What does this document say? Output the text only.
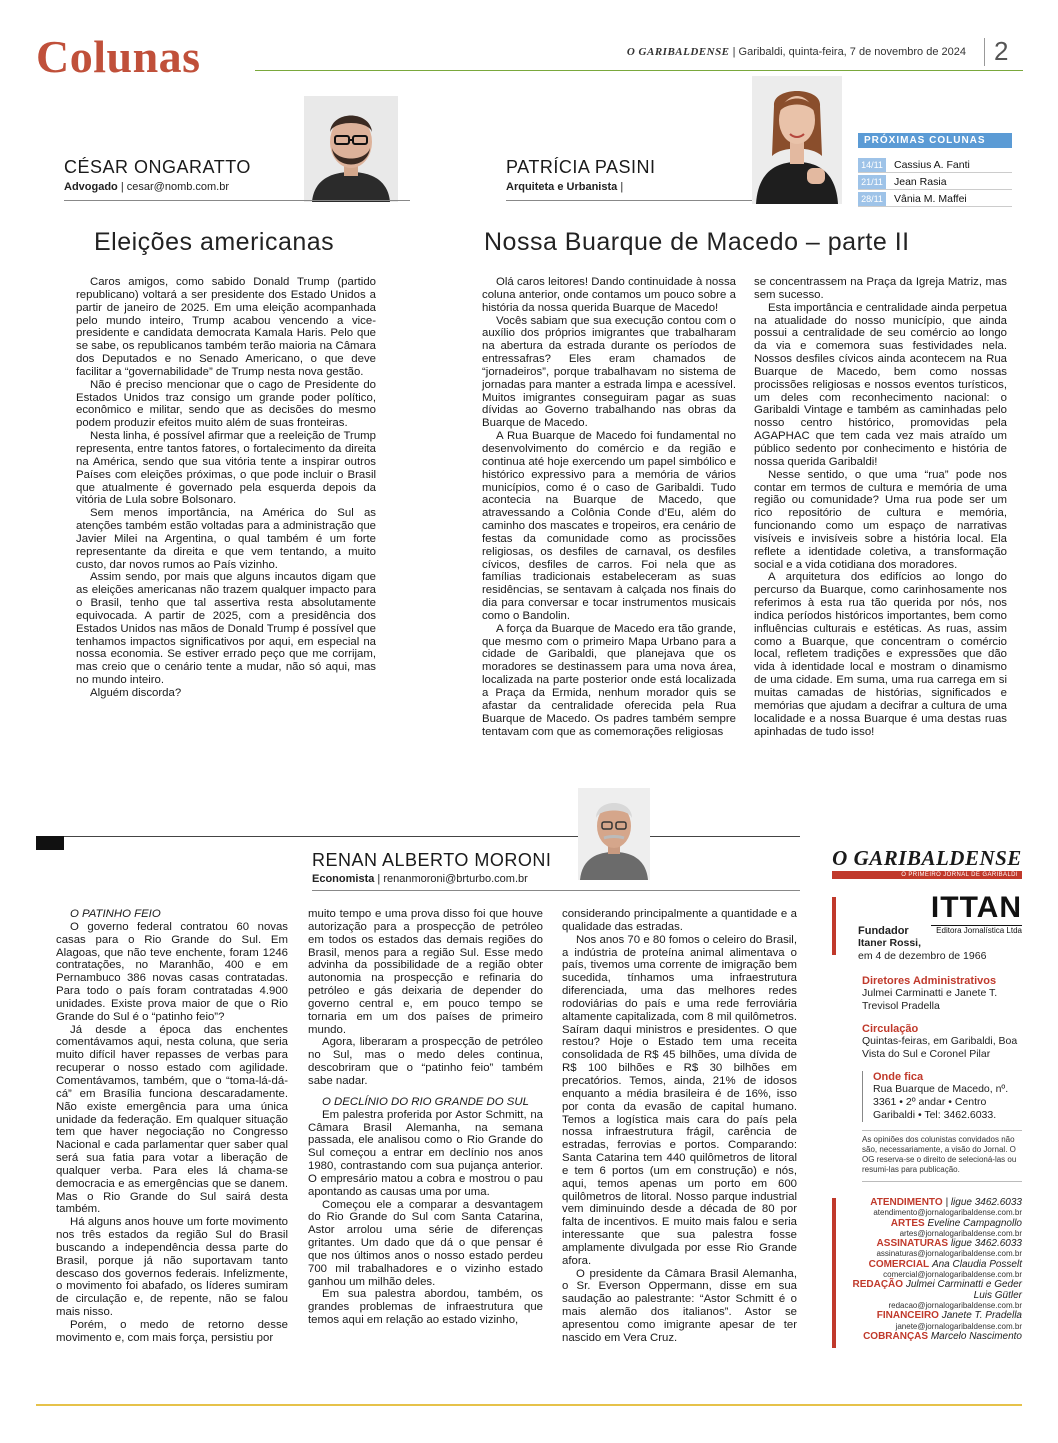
Colunas	O GARIBALDENSE | Garibaldi, quinta-feira, 7 de novembro de 2024 2
CÉSAR ONGARATTO
Advogado | cesar@nomb.com.br
PATRÍCIA PASINI
Arquiteta e Urbanista |
PRÓXIMAS COLUNAS
14/11 Cassius A. Fanti
21/11 Jean Rasia
28/11 Vânia M. Maffei
Eleições americanas	Nossa Buarque de Macedo – parte II

Caros amigos, como sabido Donald Trump (partido republicano) voltará a ser presidente dos Estado Unidos a partir de janeiro de 2025. Em uma eleição acompanhada pelo mundo inteiro, Trump acabou vencendo a vice-presidente e candidata democrata Kamala Haris. Pelo que se sabe, os republicanos também terão maioria na Câmara dos Deputados e no Senado Americano, o que deve facilitar a “governabilidade” de Trump nesta nova gestão.

Não é preciso mencionar que o cago de Presidente do Estados Unidos traz consigo um grande poder político, econômico e militar, sendo que as decisões do mesmo podem produzir efeitos muito além de suas fronteiras.

Nesta linha, é possível afirmar que a reeleição de Trump representa, entre tantos fatores, o fortalecimento da direita na América, sendo que sua vitória tente a inspirar outros Países com eleições próximas, o que pode incluir o Brasil que atualmente é governado pela esquerda depois da vitória de Lula sobre Bolsonaro.

Sem menos importância, na América do Sul as atenções também estão voltadas para a administração que Javier Milei na Argentina, o qual também é um forte representante da direita e que vem tentando, a muito custo, dar novos rumos ao País vizinho.

Assim sendo, por mais que alguns incautos digam que as eleições americanas não trazem qualquer impacto para o Brasil, tenho que tal assertiva resta absolutamente equivocada. A partir de 2025, com a presidência dos Estados Unidos nas mãos de Donald Trump é possível que tenhamos impactos significativos por aqui, em especial na nossa economia. Se estiver errado peço que me corrijam, mas creio que o cenário tente a mudar, não só aqui, mas no mundo inteiro.

Alguém discorda?

Olá caros leitores! Dando continuidade à nossa coluna anterior, onde contamos um pouco sobre a história da nossa querida Buarque de Macedo!

Vocês sabiam que sua execução contou com o auxílio dos próprios imigrantes que trabalharam na abertura da estrada durante os períodos de entressafras? Eles eram chamados de “jornadeiros”, porque trabalhavam no sistema de jornadas para manter a estrada limpa e acessível. Muitos imigrantes conseguiram pagar as suas dívidas ao Governo trabalhando nas obras da Buarque de Macedo.

A Rua Buarque de Macedo foi fundamental no desenvolvimento do comércio e da região e continua até hoje exercendo um papel simbólico e histórico expressivo para a memória de vários municípios, como é o caso de Garibaldi. Tudo acontecia na Buarque de Macedo, que atravessando a Colônia Conde d’Eu, além do caminho dos mascates e tropeiros, era cenário de festas da comunidade como as procissões religiosas, os desfiles de carnaval, os desfiles cívicos, desfiles de carros. Foi nela que as famílias tradicionais estabeleceram as suas residências, se sentavam à calçada nos finais do dia para conversar e tocar instrumentos musicais como o Bandolin.

A força da Buarque de Macedo era tão grande, que mesmo com o primeiro Mapa Urbano para a cidade de Garibaldi, que planejava que os moradores se destinassem para uma nova área, localizada na parte posterior onde está localizada a Praça da Ermida, nenhum morador quis se afastar da centralidade oferecida pela Rua Buarque de Macedo. Os padres também sempre tentavam com que as comemorações religiosas

se concentrassem na Praça da Igreja Matriz, mas sem sucesso.

Esta importância e centralidade ainda perpetua na atualidade do nosso município, que ainda possui a centralidade de seu comércio ao longo da via e comemora suas festividades nela. Nossos desfiles cívicos ainda acontecem na Rua Buarque de Macedo, bem como nossas procissões religiosas e nossos eventos turísticos, um deles com reconhecimento nacional: o Garibaldi Vintage e também as caminhadas pelo nosso centro histórico, promovidas pela AGAPHAC que tem cada vez mais atraído um público sedento por conhecimento e história de nossa querida Garibaldi!

Nesse sentido, o que uma “rua” pode nos contar em termos de cultura e memória de uma região ou comunidade? Uma rua pode ser um rico repositório de cultura e memória, funcionando como um espaço de narrativas visíveis e invisíveis sobre a história local. Ela reflete a identidade coletiva, a transformação social e a vida cotidiana dos moradores.

A arquitetura dos edifícios ao longo do percurso da Buarque, como carinhosamente nos referimos à esta rua tão querida por nós, nos indica períodos históricos importantes, bem como influências culturais e estéticas. As ruas, assim como a Buarque, que concentram o comércio local, refletem tradições e expressões que dão vida à identidade local e mostram o dinamismo de uma cidade. Em suma, uma rua carrega em si muitas camadas de histórias, significados e memórias que ajudam a decifrar a cultura de uma localidade e a nossa Buarque é uma destas ruas apinhadas de tudo isso!

RENAN ALBERTO MORONI
Economista | renanmoroni@brturbo.com.br

O PATINHO FEIO

O governo federal contratou 60 novas casas para o Rio Grande do Sul. Em Alagoas, que não teve enchente, foram 1246 contratações, no Maranhão, 400 e em Pernambuco 386 novas casas contratadas. Para todo o país foram contratadas 4.900 unidades. Existe prova maior de que o Rio Grande do Sul é o “patinho feio”?

Já desde a época das enchentes comentávamos aqui, nesta coluna, que seria muito difícil haver repasses de verbas para recuperar o nosso estado com agilidade. Comentávamos, também, que o “toma-lá-dá-cá” em Brasília funciona descaradamente. Não existe emergência para uma única unidade da federação. Em qualquer situação tem que haver negociação no Congresso Nacional e cada parlamentar quer saber qual será sua fatia para votar a liberação de qualquer verba. Para eles lá chama-se democracia e as emergências que se danem. Mas o Rio Grande do Sul sairá desta também.

Há alguns anos houve um forte movimento nos três estados da região Sul do Brasil buscando a independência dessa parte do Brasil, porque já não suportavam tanto descaso dos governos federais. Infelizmente, o movimento foi abafado, os líderes sumiram de circulação e, de repente, não se falou mais nisso.

Porém, o medo de retorno desse movimento e, com mais força, persistiu por

muito tempo e uma prova disso foi que houve autorização para a prospecção de petróleo em todos os estados das demais regiões do Brasil, menos para a região Sul. Esse medo advinha da possibilidade de a região obter autonomia na prospecção e refinaria do petróleo e gás deixaria de depender do governo central e, em pouco tempo se tornaria em um dos países de primeiro mundo.

Agora, liberaram a prospecção de petróleo no Sul, mas o medo deles continua, descobriram que o “patinho feio” também sabe nadar.

O DECLÍNIO DO RIO GRANDE DO SUL

Em palestra proferida por Astor Schmitt, na Câmara Brasil Alemanha, na semana passada, ele analisou como o Rio Grande do Sul começou a entrar em declínio nos anos 1980, contrastando com sua pujança anterior. O empresário matou a cobra e mostrou o pau apontando as causas uma por uma.

Começou ele a comparar a desvantagem do Rio Grande do Sul com Santa Catarina, Astor arrolou uma série de diferenças gritantes. Um dado que dá o que pensar é que nos últimos anos o nosso estado perdeu 700 mil trabalhadores e o vizinho estado ganhou um milhão deles.

Em sua palestra abordou, também, os grandes problemas de infraestrutura que temos aqui em relação ao estado vizinho,

considerando principalmente a quantidade e a qualidade das estradas.

Nos anos 70 e 80 fomos o celeiro do Brasil, a indústria de proteína animal alimentava o país, tivemos uma corrente de imigração bem sucedida, tínhamos uma infraestrutura diferenciada, uma das melhores redes rodoviárias do país e uma rede ferroviária altamente capitalizada, com 8 mil quilômetros. Saíram daqui ministros e presidentes. O que restou? Hoje o Estado tem uma receita consolidada de R$ 45 bilhões, uma dívida de R$ 100 bilhões e R$ 30 bilhões em precatórios. Temos, ainda, 21% de idosos enquanto a média brasileira é de 16%, isso por conta da evasão de capital humano. Temos a logística mais cara do país pela nossa infraestrutura frágil, carência de estradas, ferrovias e portos. Comparando: Santa Catarina tem 440 quilômetros de litoral e tem 6 portos (um em construção) e nós, aqui, temos apenas um porto em 600 quilômetros de litoral. Nosso parque industrial vem diminuindo desde a década de 80 por falta de incentivos. E muito mais falou e seria interessante que sua palestra fosse amplamente divulgada por esse Rio Grande afora.

O presidente da Câmara Brasil Alemanha, o Sr. Everson Oppermann, disse em sua saudação ao palestrante: “Astor Schmitt é o mais alemão dos italianos”. Astor se apresentou como imigrante apesar de ter nascido em Vera Cruz.

O GARIBALDENSE
O PRIMEIRO JORNAL DE GARIBALDI
ITTAN
Editora Jornalística Ltda
Fundador
Itaner Rossi,
em 4 de dezembro de 1966
Diretores Administrativos
Julmei Carminatti e Janete T. Trevisol Pradella
Circulação
Quintas-feiras, em Garibaldi, Boa Vista do Sul e Coronel Pilar
Onde fica
Rua Buarque de Macedo, nº. 3361 • 2º andar • Centro Garibaldi • Tel: 3462.6033.
As opiniões dos colunistas convidados não são, necessariamente, a visão do Jornal. O OG reserva-se o direito de selecioná-las ou resumi-las para publicação.
ATENDIMENTO | ligue 3462.6033
atendimento@jornalogaribaldense.com.br
ARTES Eveline Campagnollo
artes@jornalogaribaldense.com.br
ASSINATURAS ligue 3462.6033
assinaturas@jornalogaribaldense.com.br
COMERCIAL Ana Claudia Posselt
comercial@jornalogaribaldense.com.br
REDAÇÃO Julmei Carminatti e Geder Luis Gütler
redacao@jornalogaribaldense.com.br
FINANCEIRO Janete T. Pradella
janete@jornalogaribaldense.com.br
COBRANÇAS Marcelo Nascimento
